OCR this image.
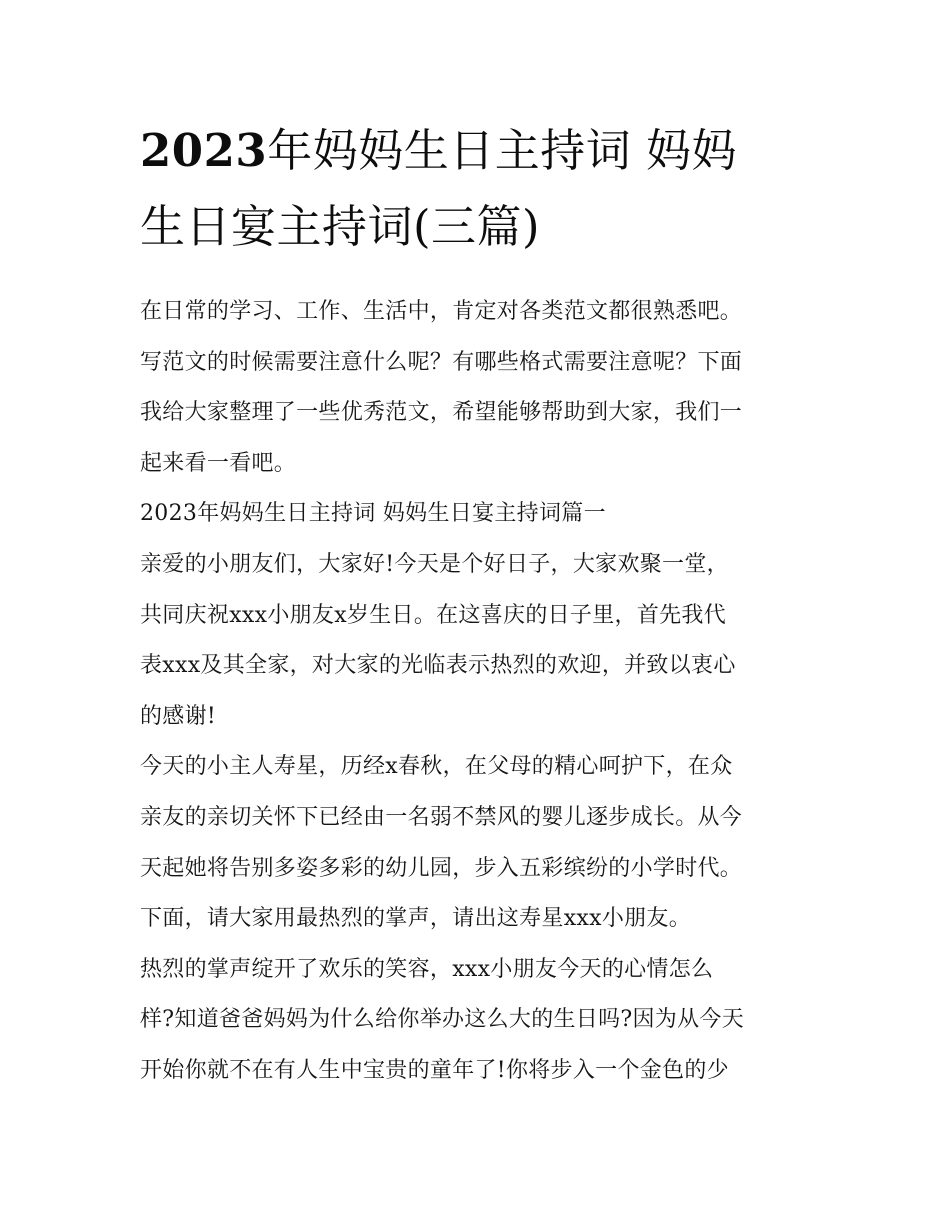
2023年妈妈生日主持词 妈妈
生日宴主持词(三篇)
在日常的学习、工作、生活中，肯定对各类范文都很熟悉吧。
写范文的时候需要注意什么呢？有哪些格式需要注意呢？下面
我给大家整理了一些优秀范文，希望能够帮助到大家，我们一
起来看一看吧。
2023年妈妈生日主持词 妈妈生日宴主持词篇一
亲爱的小朋友们，大家好!今天是个好日子，大家欢聚一堂，
共同庆祝xxx小朋友x岁生日。在这喜庆的日子里，首先我代
表xxx及其全家，对大家的光临表示热烈的欢迎，并致以衷心
的感谢!
今天的小主人寿星，历经x春秋，在父母的精心呵护下，在众
亲友的亲切关怀下已经由一名弱不禁风的婴儿逐步成长。从今
天起她将告别多姿多彩的幼儿园，步入五彩缤纷的小学时代。
下面，请大家用最热烈的掌声，请出这寿星xxx小朋友。
热烈的掌声绽开了欢乐的笑容，xxx小朋友今天的心情怎么
样?知道爸爸妈妈为什么给你举办这么大的生日吗?因为从今天
开始你就不在有人生中宝贵的童年了!你将步入一个金色的少
